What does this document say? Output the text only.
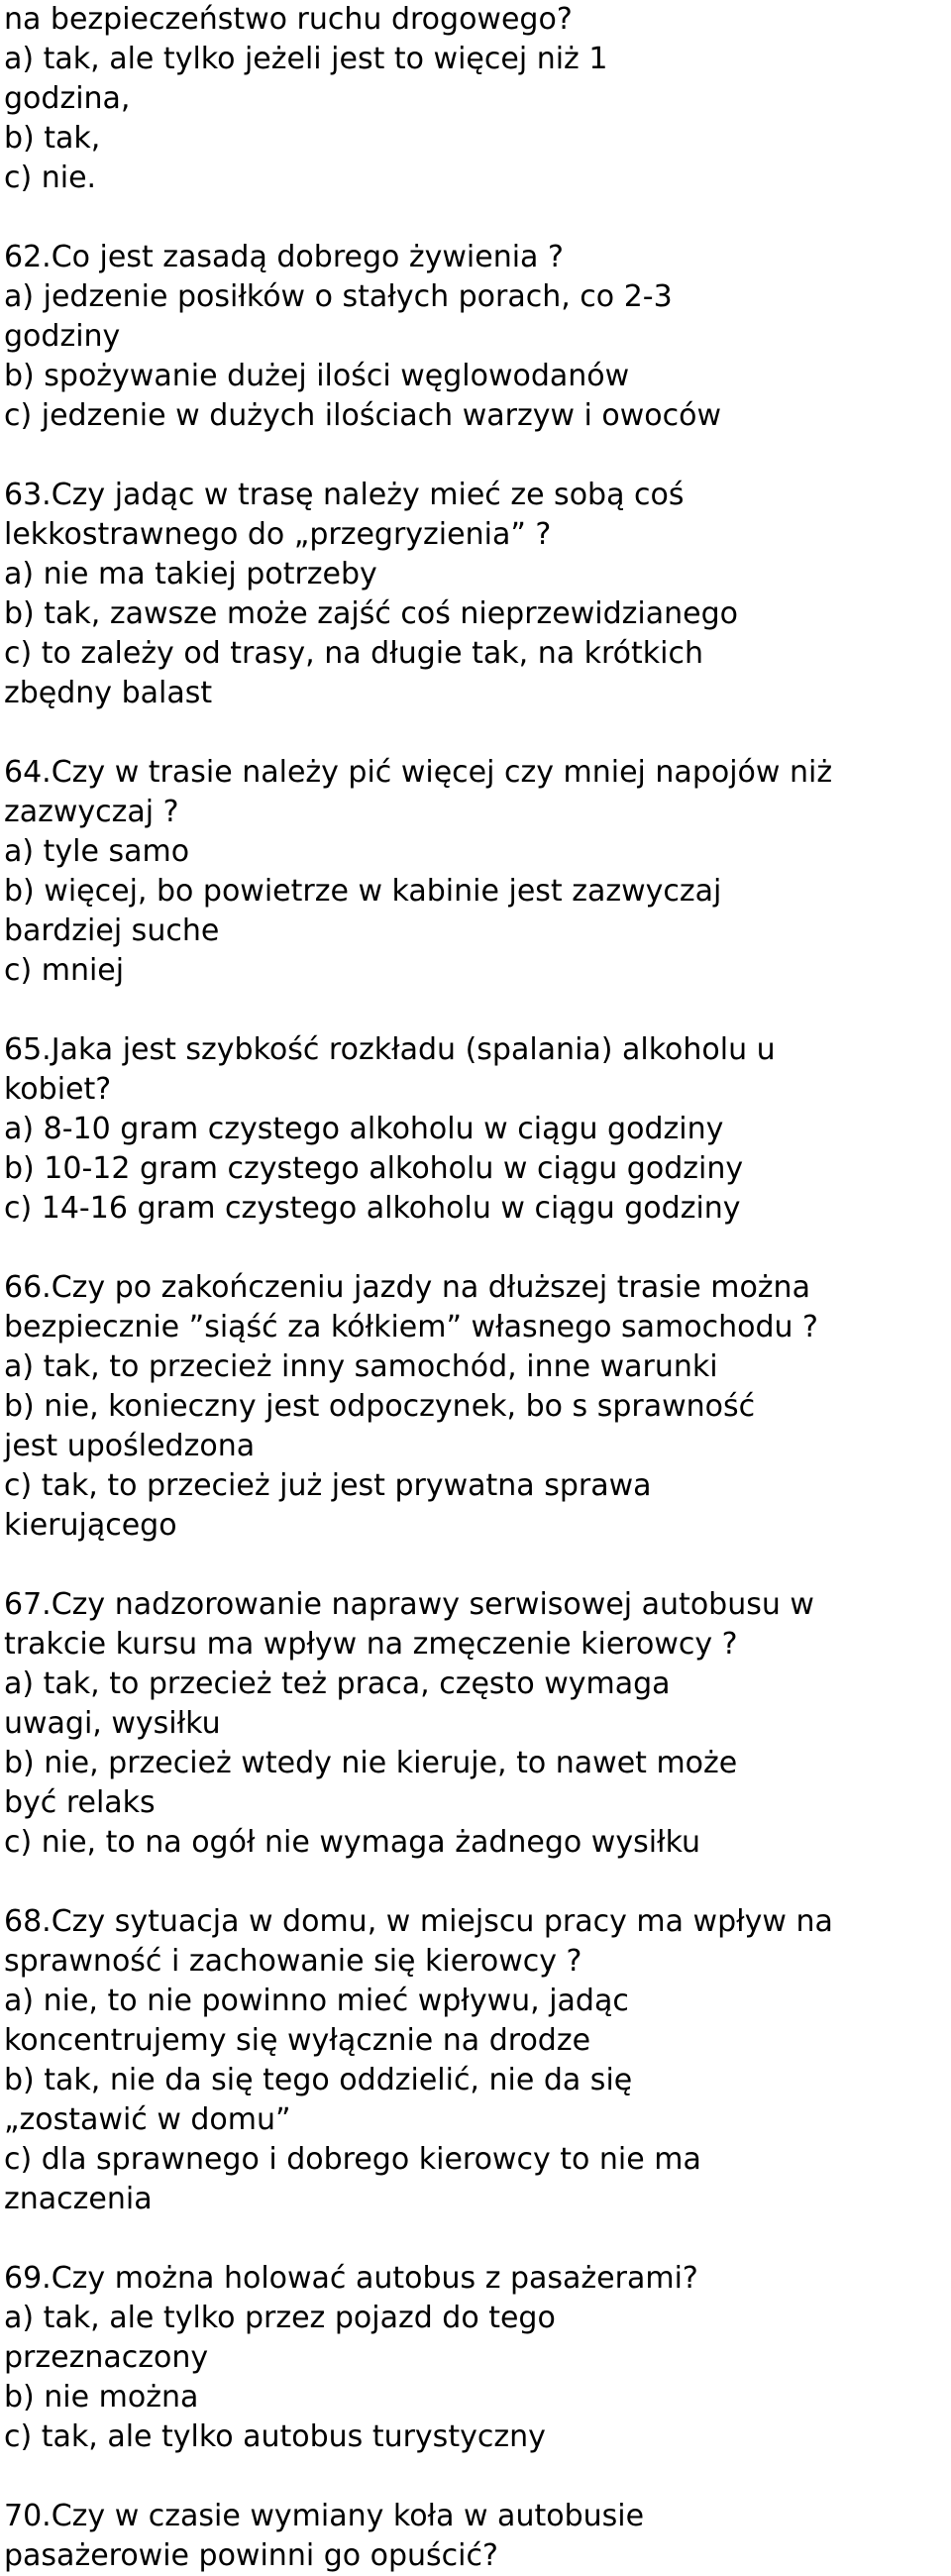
na bezpieczeństwo ruchu drogowego?

a) tak, ale tylko jeżeli jest to więcej niż 1

godzina,

b) tak,

c) nie.

62.Co jest zasadą dobrego żywienia ?

a) jedzenie posiłków o stałych porach, co 2-3

godziny

b) spożywanie dużej ilości węglowodanów

c) jedzenie w dużych ilościach warzyw i owoców

63.Czy jadąc w trasę należy mieć ze sobą coś

lekkostrawnego do „przegryzienia” ?

a) nie ma takiej potrzeby

b) tak, zawsze może zajść coś nieprzewidzianego

c) to zależy od trasy, na długie tak, na krótkich

zbędny balast

64.Czy w trasie należy pić więcej czy mniej napojów niż

zazwyczaj ?

a) tyle samo

b) więcej, bo powietrze w kabinie jest zazwyczaj

bardziej suche

c) mniej

65.Jaka jest szybkość rozkładu (spalania) alkoholu u

kobiet?

a) 8-10 gram czystego alkoholu w ciągu godziny

b) 10-12 gram czystego alkoholu w ciągu godziny

c) 14-16 gram czystego alkoholu w ciągu godziny

66.Czy po zakończeniu jazdy na dłuższej trasie można

bezpiecznie ”siąść za kółkiem” własnego samochodu ?

a) tak, to przecież inny samochód, inne warunki

b) nie, konieczny jest odpoczynek, bo s sprawność

jest upośledzona

c) tak, to przecież już jest prywatna sprawa

kierującego

67.Czy nadzorowanie naprawy serwisowej autobusu w

trakcie kursu ma wpływ na zmęczenie kierowcy ?

a) tak, to przecież też praca, często wymaga

uwagi, wysiłku

b) nie, przecież wtedy nie kieruje, to nawet może

być relaks

c) nie, to na ogół nie wymaga żadnego wysiłku

68.Czy sytuacja w domu, w miejscu pracy ma wpływ na

sprawność i zachowanie się kierowcy ?

a) nie, to nie powinno mieć wpływu, jadąc

koncentrujemy się wyłącznie na drodze

b) tak, nie da się tego oddzielić, nie da się

„zostawić w domu”

c) dla sprawnego i dobrego kierowcy to nie ma

znaczenia

69.Czy można holować autobus z pasażerami?

a) tak, ale tylko przez pojazd do tego

przeznaczony

b) nie można

c) tak, ale tylko autobus turystyczny

70.Czy w czasie wymiany koła w autobusie

pasażerowie powinni go opuścić?
